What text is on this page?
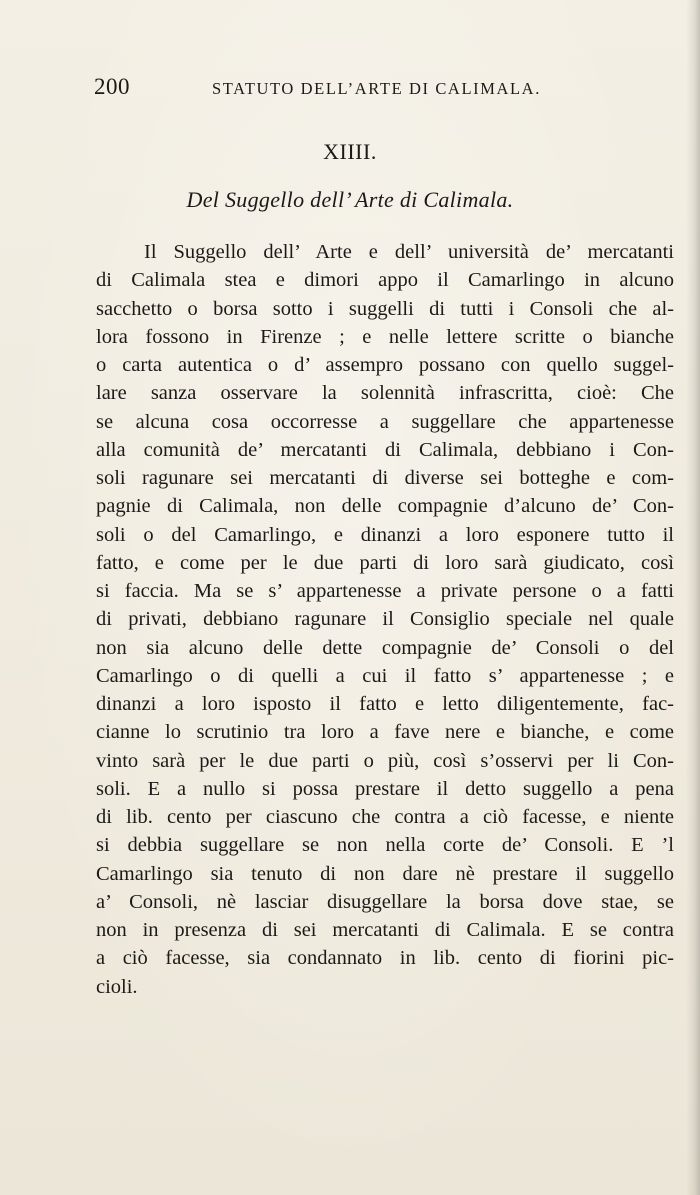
200	STATUTO DELL’ARTE DI CALIMALA.
XIIII.
Del Suggello dell’ Arte di Calimala.
Il Suggello dell’ Arte e dell’ università de’ mercatanti
di Calimala stea e dimori appo il Camarlingo in alcuno
sacchetto o borsa sotto i suggelli di tutti i Consoli che al-
lora fossono in Firenze ; e nelle lettere scritte o bianche
o carta autentica o d’ assempro possano con quello suggel-
lare sanza osservare la solennità infrascritta, cioè: Che
se alcuna cosa occorresse a suggellare che appartenesse
alla comunità de’ mercatanti di Calimala, debbiano i Con-
soli ragunare sei mercatanti di diverse sei botteghe e com-
pagnie di Calimala, non delle compagnie d’alcuno de’ Con-
soli o del Camarlingo, e dinanzi a loro esponere tutto il
fatto, e come per le due parti di loro sarà giudicato, così
si faccia. Ma se s’ appartenesse a private persone o a fatti
di privati, debbiano ragunare il Consiglio speciale nel quale
non sia alcuno delle dette compagnie de’ Consoli o del
Camarlingo o di quelli a cui il fatto s’ appartenesse ; e
dinanzi a loro isposto il fatto e letto diligentemente, fac-
cianne lo scrutinio tra loro a fave nere e bianche, e come
vinto sarà per le due parti o più, così s’osservi per li Con-
soli. E a nullo si possa prestare il detto suggello a pena
di lib. cento per ciascuno che contra a ciò facesse, e niente
si debbia suggellare se non nella corte de’ Consoli. E ’l
Camarlingo sia tenuto di non dare nè prestare il suggello
a’ Consoli, nè lasciar disuggellare la borsa dove stae, se
non in presenza di sei mercatanti di Calimala. E se contra
a ciò facesse, sia condannato in lib. cento di fiorini pic-
cioli.
